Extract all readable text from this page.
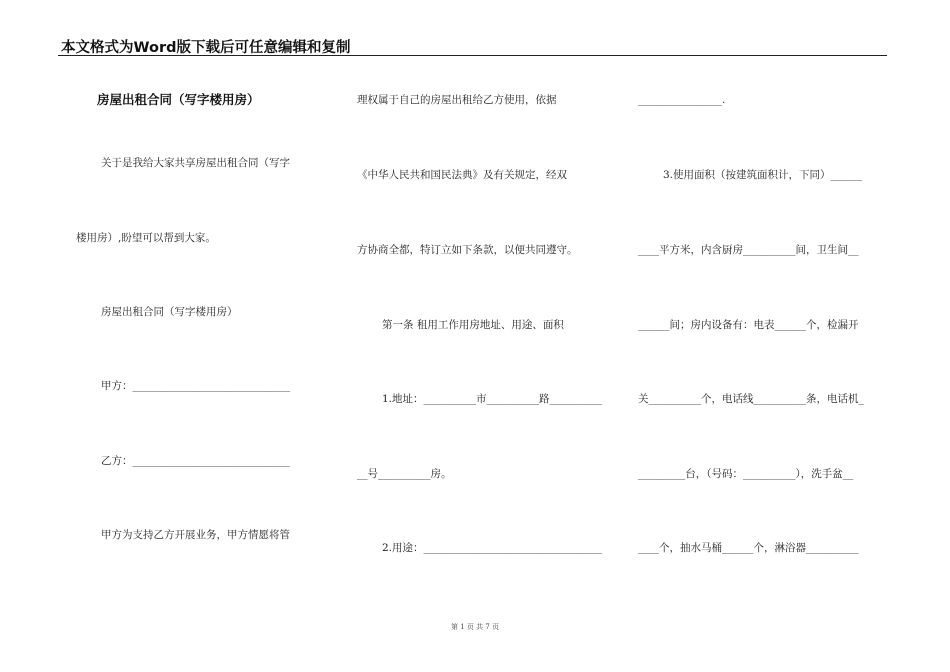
本文格式为Word版下载后可任意编辑和复制
房屋出租合同（写字楼用房）
关于是我给大家共享房屋出租合同（写字
楼用房）,盼望可以帮到大家。
房屋出租合同（写字楼用房）
甲方：______________________________
乙方：______________________________
甲方为支持乙方开展业务，甲方情愿将管
理权属于自己的房屋出租给乙方使用，依据
《中华人民共和国民法典》及有关规定，经双
方协商全都，特订立如下条款，以便共同遵守。
第一条 租用工作用房地址、用途、面积
1.地址：__________市__________路__________
__号__________房。
2.用途：__________________________________
________________.
3.使用面积（按建筑面积计，下同）______
____平方米，内含厨房__________间，卫生间__
______间；房内设备有：电表______个，检漏开
关__________个，电话线__________条，电话机_
_________台，（号码：__________），洗手盆__
____个，抽水马桶______个，淋浴器__________
第 1 页 共 7 页
